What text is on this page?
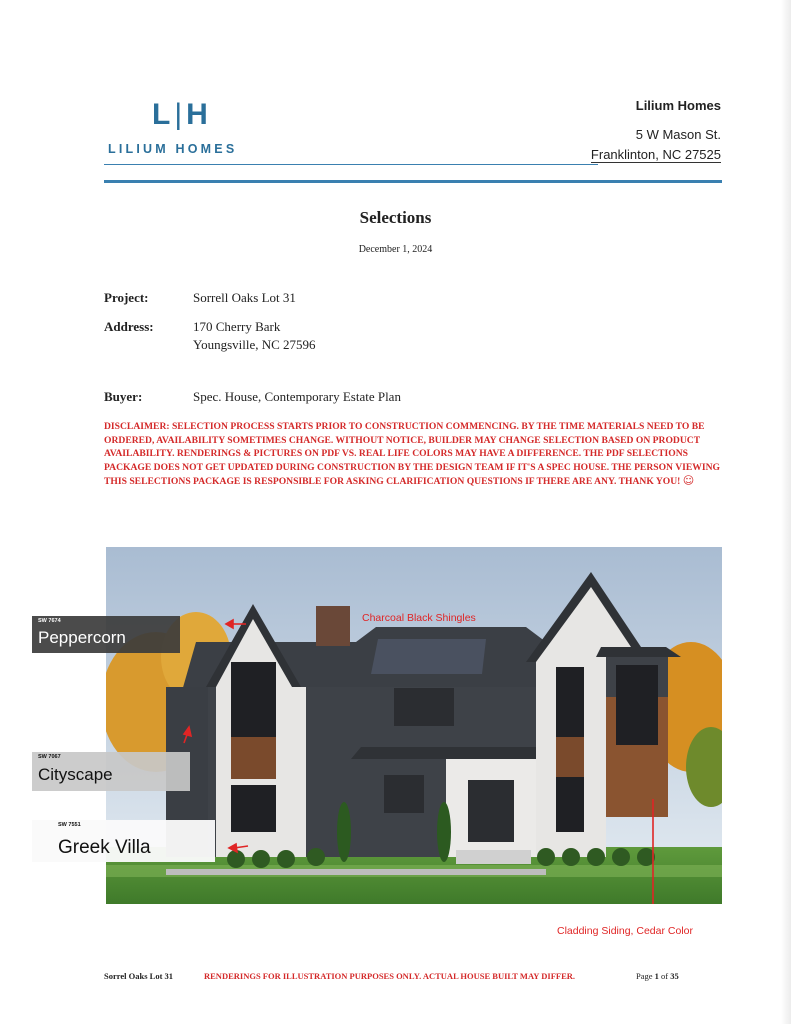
L|H
LILIUM HOMES
Lilium Homes
5 W Mason St.
Franklinton, NC 27525
Selections
December 1, 2024
Project:	Sorrell Oaks Lot 31
Address:	170 Cherry Bark
Youngsville, NC 27596
Buyer:	Spec. House, Contemporary Estate Plan
DISCLAIMER: SELECTION PROCESS STARTS PRIOR TO CONSTRUCTION COMMENCING. BY THE TIME MATERIALS NEED TO BE ORDERED, AVAILABILITY SOMETIMES CHANGE. WITHOUT NOTICE, BUILDER MAY CHANGE SELECTION BASED ON PRODUCT AVAILABILITY. RENDERINGS & PICTURES ON PDF VS. REAL LIFE COLORS MAY HAVE A DIFFERENCE. THE PDF SELECTIONS PACKAGE DOES NOT GET UPDATED DURING CONSTRUCTION BY THE DESIGN TEAM IF IT'S A SPEC HOUSE. THE PERSON VIEWING THIS SELECTIONS PACKAGE IS RESPONSIBLE FOR ASKING CLARIFICATION QUESTIONS IF THERE ARE ANY. THANK YOU! ☺
SW 7674
Peppercorn
SW 7067
Cityscape
SW 7551
Greek Villa
Charcoal Black Shingles
Cladding Siding, Cedar Color
Sorrel Oaks Lot 31	RENDERINGS FOR ILLUSTRATION PURPOSES ONLY. ACTUAL HOUSE BUILT MAY DIFFER.	Page 1 of 35
